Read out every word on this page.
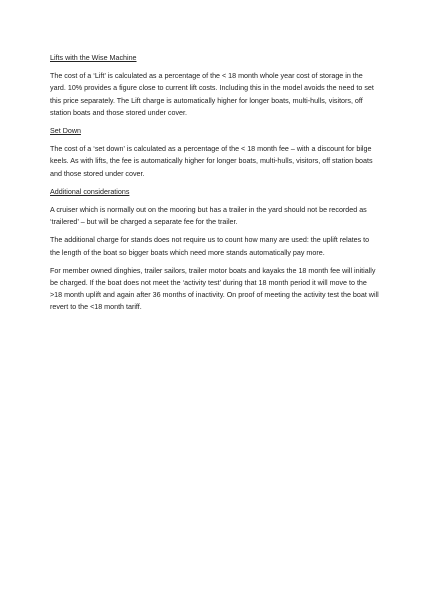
Lifts with the Wise Machine

The cost of a ‘Lift’ is calculated as a percentage of the < 18 month whole year cost of storage in the yard. 10% provides a figure close to current lift costs. Including this in the model avoids the need to set this price separately. The Lift charge is automatically higher for longer boats, multi-hulls, visitors, off station boats and those stored under cover.

Set Down

The cost of a ‘set down’ is calculated as a percentage of the < 18 month fee – with a discount for bilge keels. As with lifts, the fee is automatically higher for longer boats, multi-hulls, visitors, off station boats and those stored under cover.

Additional considerations

A cruiser which is normally out on the mooring but has a trailer in the yard should not be recorded as ‘trailered’ – but will be charged a separate fee for the trailer.

The additional charge for stands does not require us to count how many are used: the uplift relates to the length of the boat so bigger boats which need more stands automatically pay more.

For member owned dinghies, trailer sailors, trailer motor boats and kayaks the 18 month fee will initially be charged. If the boat does not meet the ‘activity test’ during that 18 month period it will move to the >18 month uplift and again after 36 months of inactivity. On proof of meeting the activity test the boat will revert to the <18 month tariff.
